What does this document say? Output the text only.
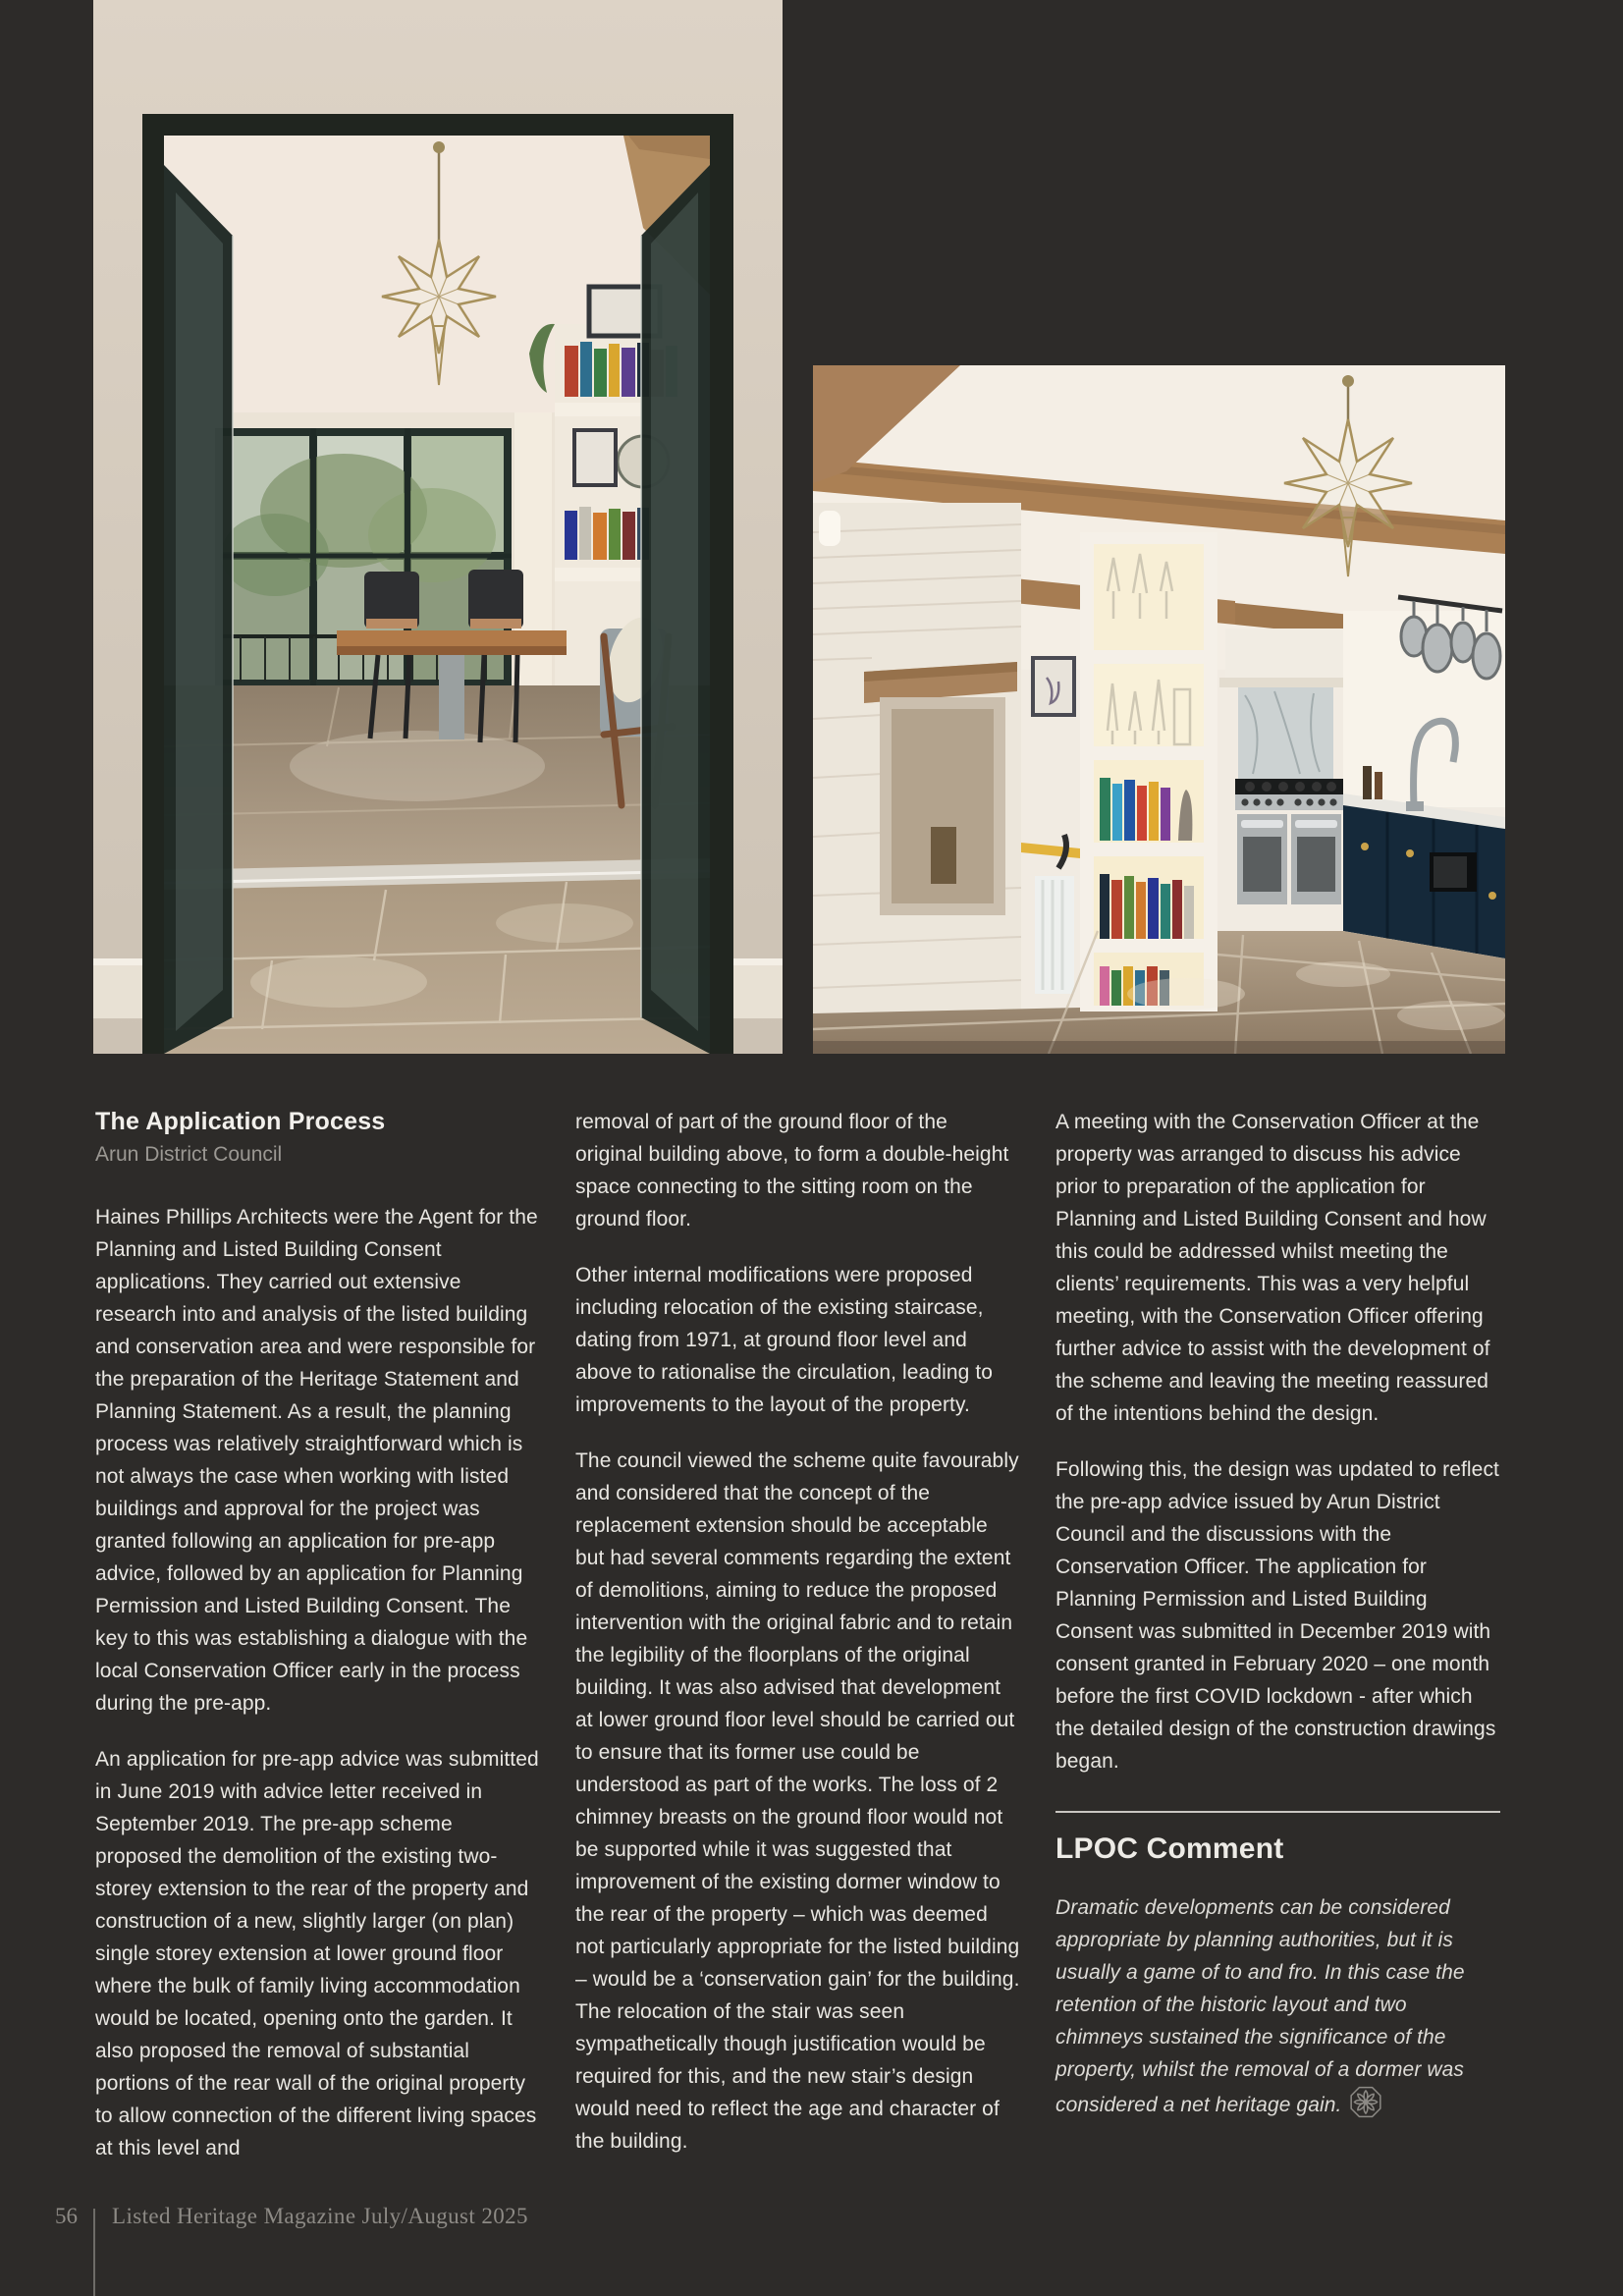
The Application Process
Arun District Council

Haines Phillips Architects were the Agent for the Planning and Listed Building Consent applications. They carried out extensive research into and analysis of the listed building and conservation area and were responsible for the preparation of the Heritage Statement and Planning Statement. As a result, the planning process was relatively straightforward which is not always the case when working with listed buildings and approval for the project was granted following an application for pre-app advice, followed by an application for Planning Permission and Listed Building Consent. The key to this was establishing a dialogue with the local Conservation Officer early in the process during the pre-app.

An application for pre-app advice was submitted in June 2019 with advice letter received in September 2019. The pre-app scheme proposed the demolition of the existing two-storey extension to the rear of the property and construction of a new, slightly larger (on plan) single storey extension at lower ground floor where the bulk of family living accommodation would be located, opening onto the garden. It also proposed the removal of substantial portions of the rear wall of the original property to allow connection of the different living spaces at this level and

removal of part of the ground floor of the original building above, to form a double-height space connecting to the sitting room on the ground floor.

Other internal modifications were proposed including relocation of the existing staircase, dating from 1971, at ground floor level and above to rationalise the circulation, leading to improvements to the layout of the property.

The council viewed the scheme quite favourably and considered that the concept of the replacement extension should be acceptable but had several comments regarding the extent of demolitions, aiming to reduce the proposed intervention with the original fabric and to retain the legibility of the floorplans of the original building. It was also advised that development at lower ground floor level should be carried out to ensure that its former use could be understood as part of the works. The loss of 2 chimney breasts on the ground floor would not be supported while it was suggested that improvement of the existing dormer window to the rear of the property – which was deemed not particularly appropriate for the listed building – would be a ‘conservation gain’ for the building. The relocation of the stair was seen sympathetically though justification would be required for this, and the new stair’s design would need to reflect the age and character of the building.

A meeting with the Conservation Officer at the property was arranged to discuss his advice prior to preparation of the application for Planning and Listed Building Consent and how this could be addressed whilst meeting the clients’ requirements. This was a very helpful meeting, with the Conservation Officer offering further advice to assist with the development of the scheme and leaving the meeting reassured of the intentions behind the design.

Following this, the design was updated to reflect the pre-app advice issued by Arun District Council and the discussions with the Conservation Officer. The application for Planning Permission and Listed Building Consent was submitted in December 2019 with consent granted in February 2020 – one month before the first COVID lockdown - after which the detailed design of the construction drawings began.

LPOC Comment

Dramatic developments can be considered appropriate by planning authorities, but it is usually a game of to and fro. In this case the retention of the historic layout and two chimneys sustained the significance of the property, whilst the removal of a dormer was considered a net heritage gain.

56 Listed Heritage Magazine July/August 2025
